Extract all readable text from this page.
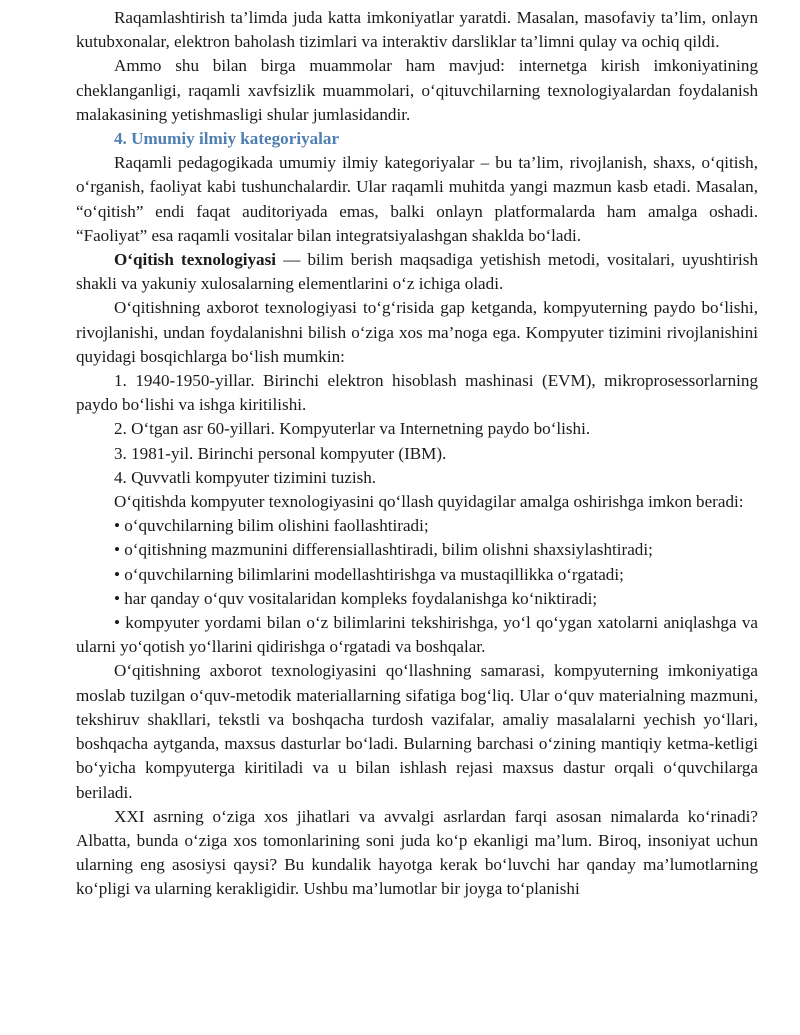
Raqamlashtirish ta’limda juda katta imkoniyatlar yaratdi. Masalan, masofaviy ta’lim, onlayn kutubxonalar, elektron baholash tizimlari va interaktiv darsliklar ta’limni qulay va ochiq qildi.

Ammo shu bilan birga muammolar ham mavjud: internetga kirish imkoniyatining cheklanganligi, raqamli xavfsizlik muammolari, o‘qituvchilarning texnologiyalardan foydalanish malakasining yetishmasligi shular jumlasidandir.

4. Umumiy ilmiy kategoriyalar

Raqamli pedagogikada umumiy ilmiy kategoriyalar – bu ta’lim, rivojlanish, shaxs, o‘qitish, o‘rganish, faoliyat kabi tushunchalardir. Ular raqamli muhitda yangi mazmun kasb etadi. Masalan, “o‘qitish” endi faqat auditoriyada emas, balki onlayn platformalarda ham amalga oshadi. “Faoliyat” esa raqamli vositalar bilan integratsiyalashgan shaklda bo‘ladi.

O‘qitish texnologiyasi — bilim berish maqsadiga yetishish metodi, vositalari, uyushtirish shakli va yakuniy xulosalarning elementlarini o‘z ichiga oladi.

O‘qitishning axborot texnologiyasi to‘g‘risida gap ketganda, kompyuterning paydo bo‘lishi, rivojlanishi, undan foydalanishni bilish o‘ziga xos ma’noga ega. Kompyuter tizimini rivojlanishini quyidagi bosqichlarga bo‘lish mumkin:

1. 1940-1950-yillar. Birinchi elektron hisoblash mashinasi (EVM), mikroprosessorlarning paydo bo‘lishi va ishga kiritilishi.

2. O‘tgan asr 60-yillari. Kompyuterlar va Internetning paydo bo‘lishi.

3. 1981-yil. Birinchi personal kompyuter (IBM).

4. Quvvatli kompyuter tizimini tuzish.

O‘qitishda kompyuter texnologiyasini qo‘llash quyidagilar amalga oshirishga imkon beradi:

• o‘quvchilarning bilim olishini faollashtiradi;

• o‘qitishning mazmunini differensiallashtiradi, bilim olishni shaxsiylashtiradi;

• o‘quvchilarning bilimlarini modellashtirishga va mustaqillikka o‘rgatadi;

• har qanday o‘quv vositalaridan kompleks foydalanishga ko‘niktiradi;

• kompyuter yordami bilan o‘z bilimlarini tekshirishga, yo‘l qo‘ygan xatolarni aniqlashga va ularni yo‘qotish yo‘llarini qidirishga o‘rgatadi va boshqalar.

O‘qitishning axborot texnologiyasini qo‘llashning samarasi, kompyuterning imkoniyatiga moslab tuzilgan o‘quv-metodik materiallarning sifatiga bog‘liq. Ular o‘quv materialning mazmuni, tekshiruv shakllari, tekstli va boshqacha turdosh vazifalar, amaliy masalalarni yechish yo‘llari, boshqacha aytganda, maxsus dasturlar bo‘ladi. Bularning barchasi o‘zining mantiqiy ketma-ketligi bo‘yicha kompyuterga kiritiladi va u bilan ishlash rejasi maxsus dastur orqali o‘quvchilarga beriladi.

XXI asrning o‘ziga xos jihatlari va avvalgi asrlardan farqi asosan nimalarda ko‘rinadi? Albatta, bunda o‘ziga xos tomonlarining soni juda ko‘p ekanligi ma’lum. Biroq, insoniyat uchun ularning eng asosiysi qaysi? Bu kundalik hayotga kerak bo‘luvchi har qanday ma’lumotlarning ko‘pligi va ularning kerakligidir. Ushbu ma’lumotlar bir joyga to‘planishi
